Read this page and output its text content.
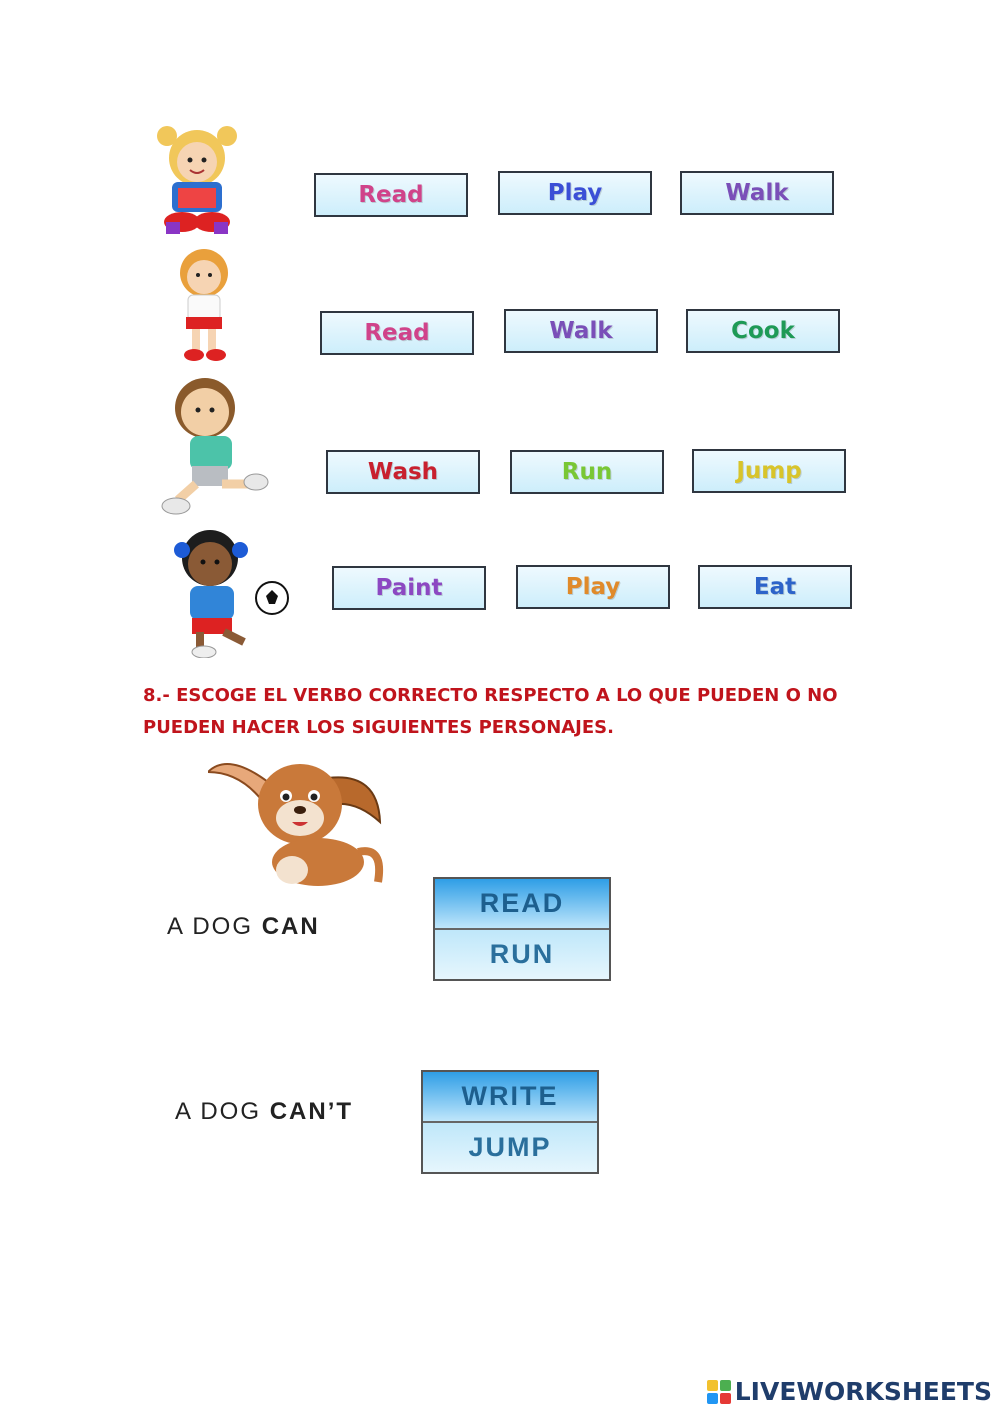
Read	Play	Walk
Read	Walk	Cook
Wash	Run	Jump
Paint	Play	Eat
8.- ESCOGE EL VERBO CORRECTO RESPECTO A LO QUE PUEDEN O NO PUEDEN HACER LOS SIGUIENTES PERSONAJES.
A DOG CAN
READ
RUN
A DOG CAN’T
WRITE
JUMP
LIVEWORKSHEETS
